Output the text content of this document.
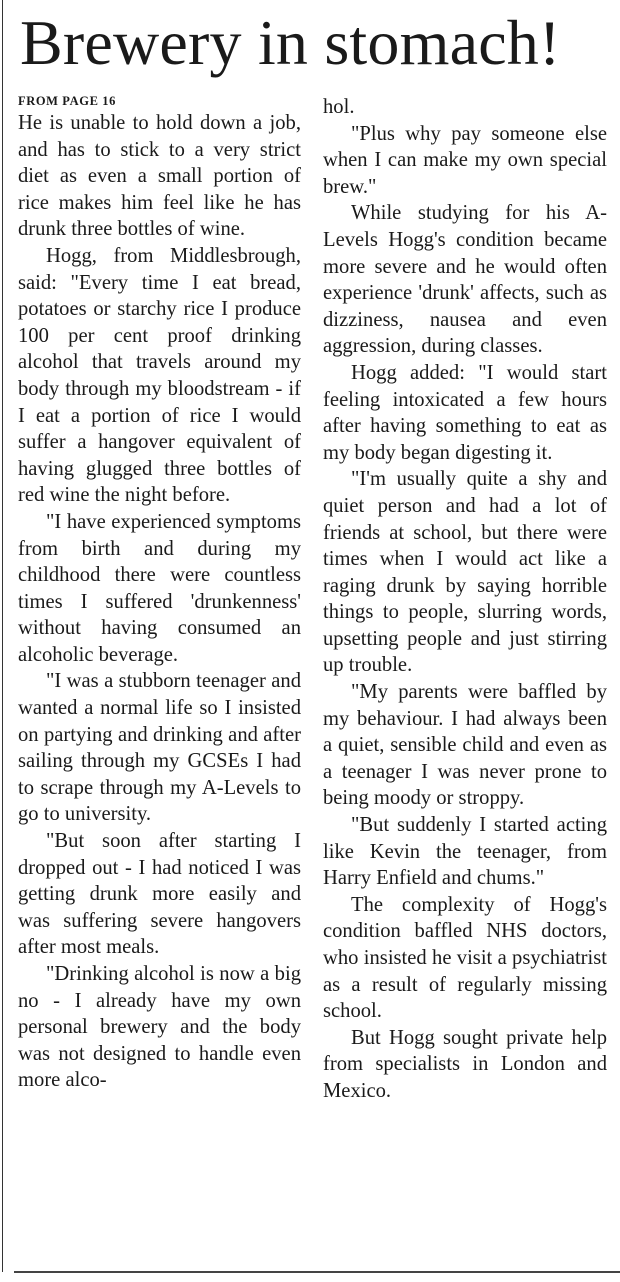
Brewery in stomach!
FROM PAGE 16

He is unable to hold down a job, and has to stick to a very strict diet as even a small portion of rice makes him feel like he has drunk three bottles of wine.

Hogg, from Middlesbrough, said: "Every time I eat bread, potatoes or starchy rice I produce 100 per cent proof drinking alcohol that travels around my body through my bloodstream - if I eat a portion of rice I would suffer a hangover equivalent of having glugged three bottles of red wine the night before.

"I have experienced symptoms from birth and during my childhood there were countless times I suffered 'drunkenness' without having consumed an alcoholic beverage.

"I was a stubborn teenager and wanted a normal life so I insisted on partying and drinking and after sailing through my GCSEs I had to scrape through my A-Levels to go to university.

"But soon after starting I dropped out - I had noticed I was getting drunk more easily and was suffering severe hangovers after most meals.

"Drinking alcohol is now a big no - I already have my own personal brewery and the body was not designed to handle even more alco-

hol.

"Plus why pay someone else when I can make my own special brew."

While studying for his A-Levels Hogg's condition became more severe and he would often experience 'drunk' affects, such as dizziness, nausea and even aggression, during classes.

Hogg added: "I would start feeling intoxicated a few hours after having something to eat as my body began digesting it.

"I'm usually quite a shy and quiet person and had a lot of friends at school, but there were times when I would act like a raging drunk by saying horrible things to people, slurring words, upsetting people and just stirring up trouble.

"My parents were baffled by my behaviour. I had always been a quiet, sensible child and even as a teenager I was never prone to being moody or stroppy.

"But suddenly I started acting like Kevin the teenager, from Harry Enfield and chums."

The complexity of Hogg's condition baffled NHS doctors, who insisted he visit a psychiatrist as a result of regularly missing school.

But Hogg sought private help from specialists in London and Mexico.
